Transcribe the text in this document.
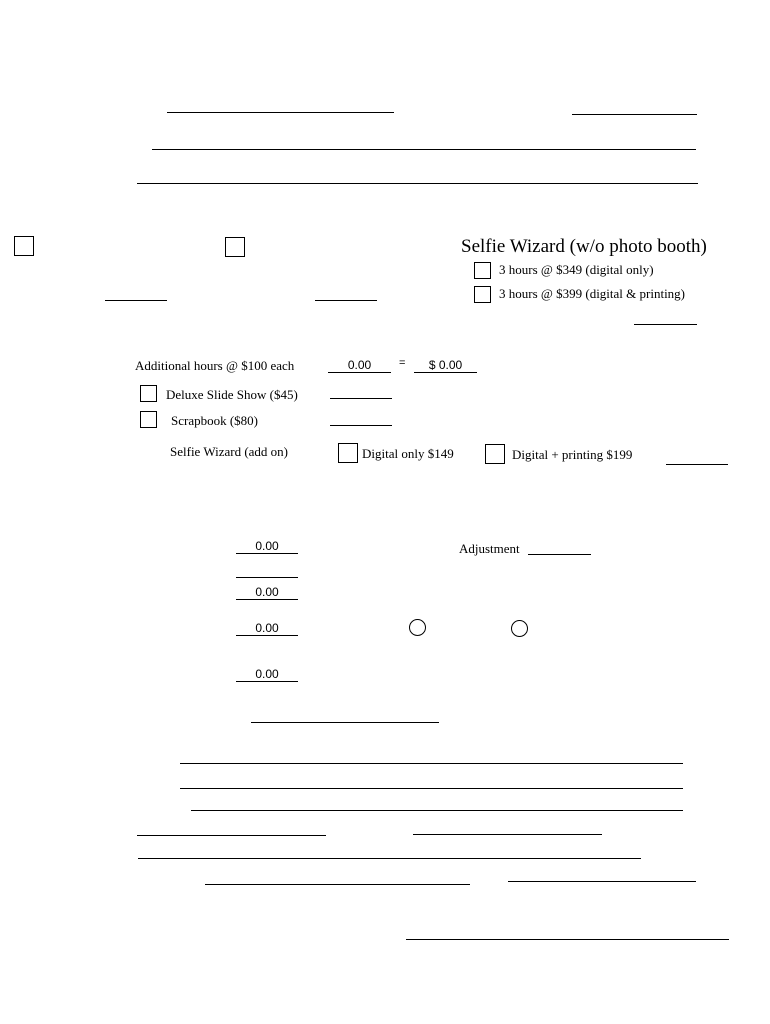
Selfie Wizard (w/o photo booth)
3 hours @ $349 (digital only)
3 hours @ $399 (digital & printing)
Additional hours @ $100 each	0.00	=	$ 0.00
Deluxe Slide Show ($45)
Scrapbook ($80)
Selfie Wizard (add on)	Digital only $149	Digital + printing $199
0.00
0.00
0.00
0.00
Adjustment
